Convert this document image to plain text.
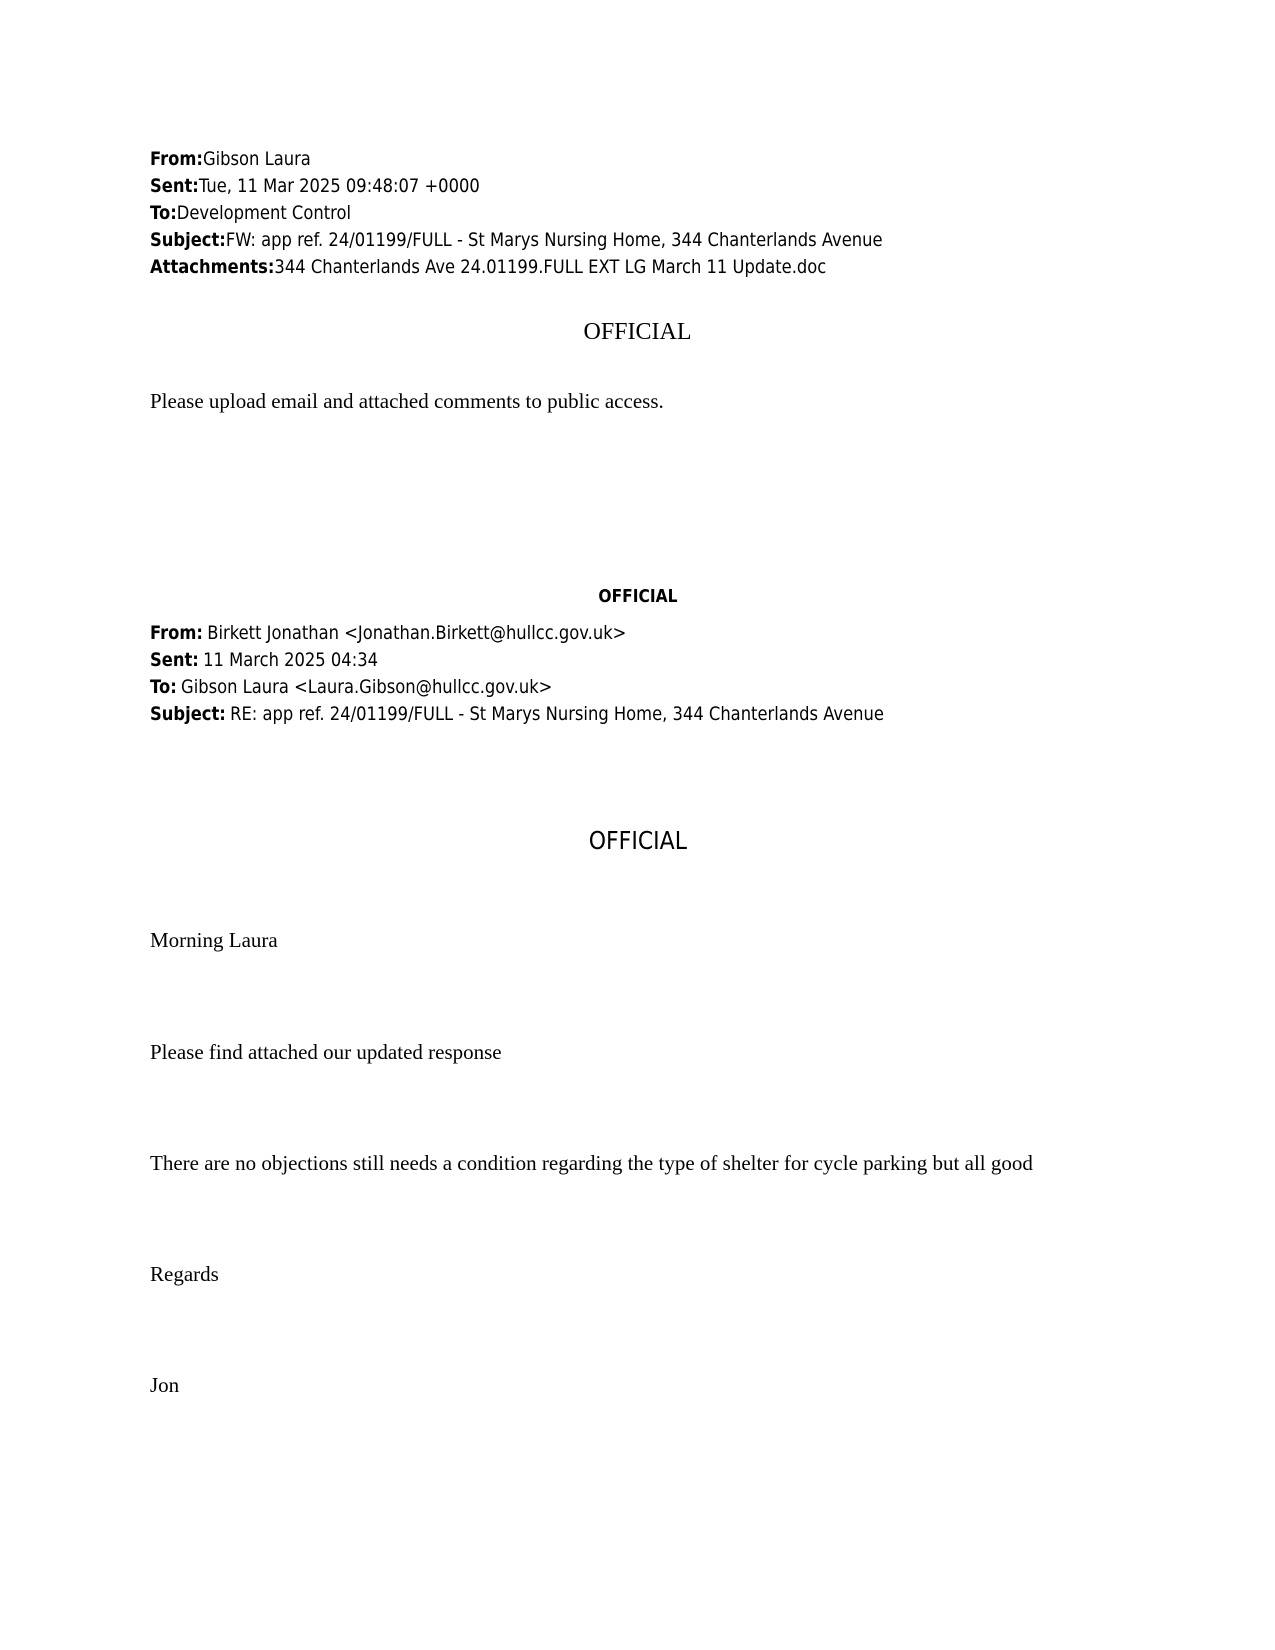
From:Gibson Laura
Sent:Tue, 11 Mar 2025 09:48:07 +0000
To:Development Control
Subject:FW: app ref. 24/01199/FULL - St Marys Nursing Home, 344 Chanterlands Avenue
Attachments:344 Chanterlands Ave 24.01199.FULL EXT LG March 11 Update.doc
OFFICIAL
Please upload email and attached comments to public access.
OFFICIAL
From: Birkett Jonathan <Jonathan.Birkett@hullcc.gov.uk>
Sent: 11 March 2025 04:34
To: Gibson Laura <Laura.Gibson@hullcc.gov.uk>
Subject: RE: app ref. 24/01199/FULL - St Marys Nursing Home, 344 Chanterlands Avenue
OFFICIAL
Morning Laura
Please find attached our updated response
There are no objections still needs a condition regarding the type of shelter for cycle parking but all good
Regards
Jon
